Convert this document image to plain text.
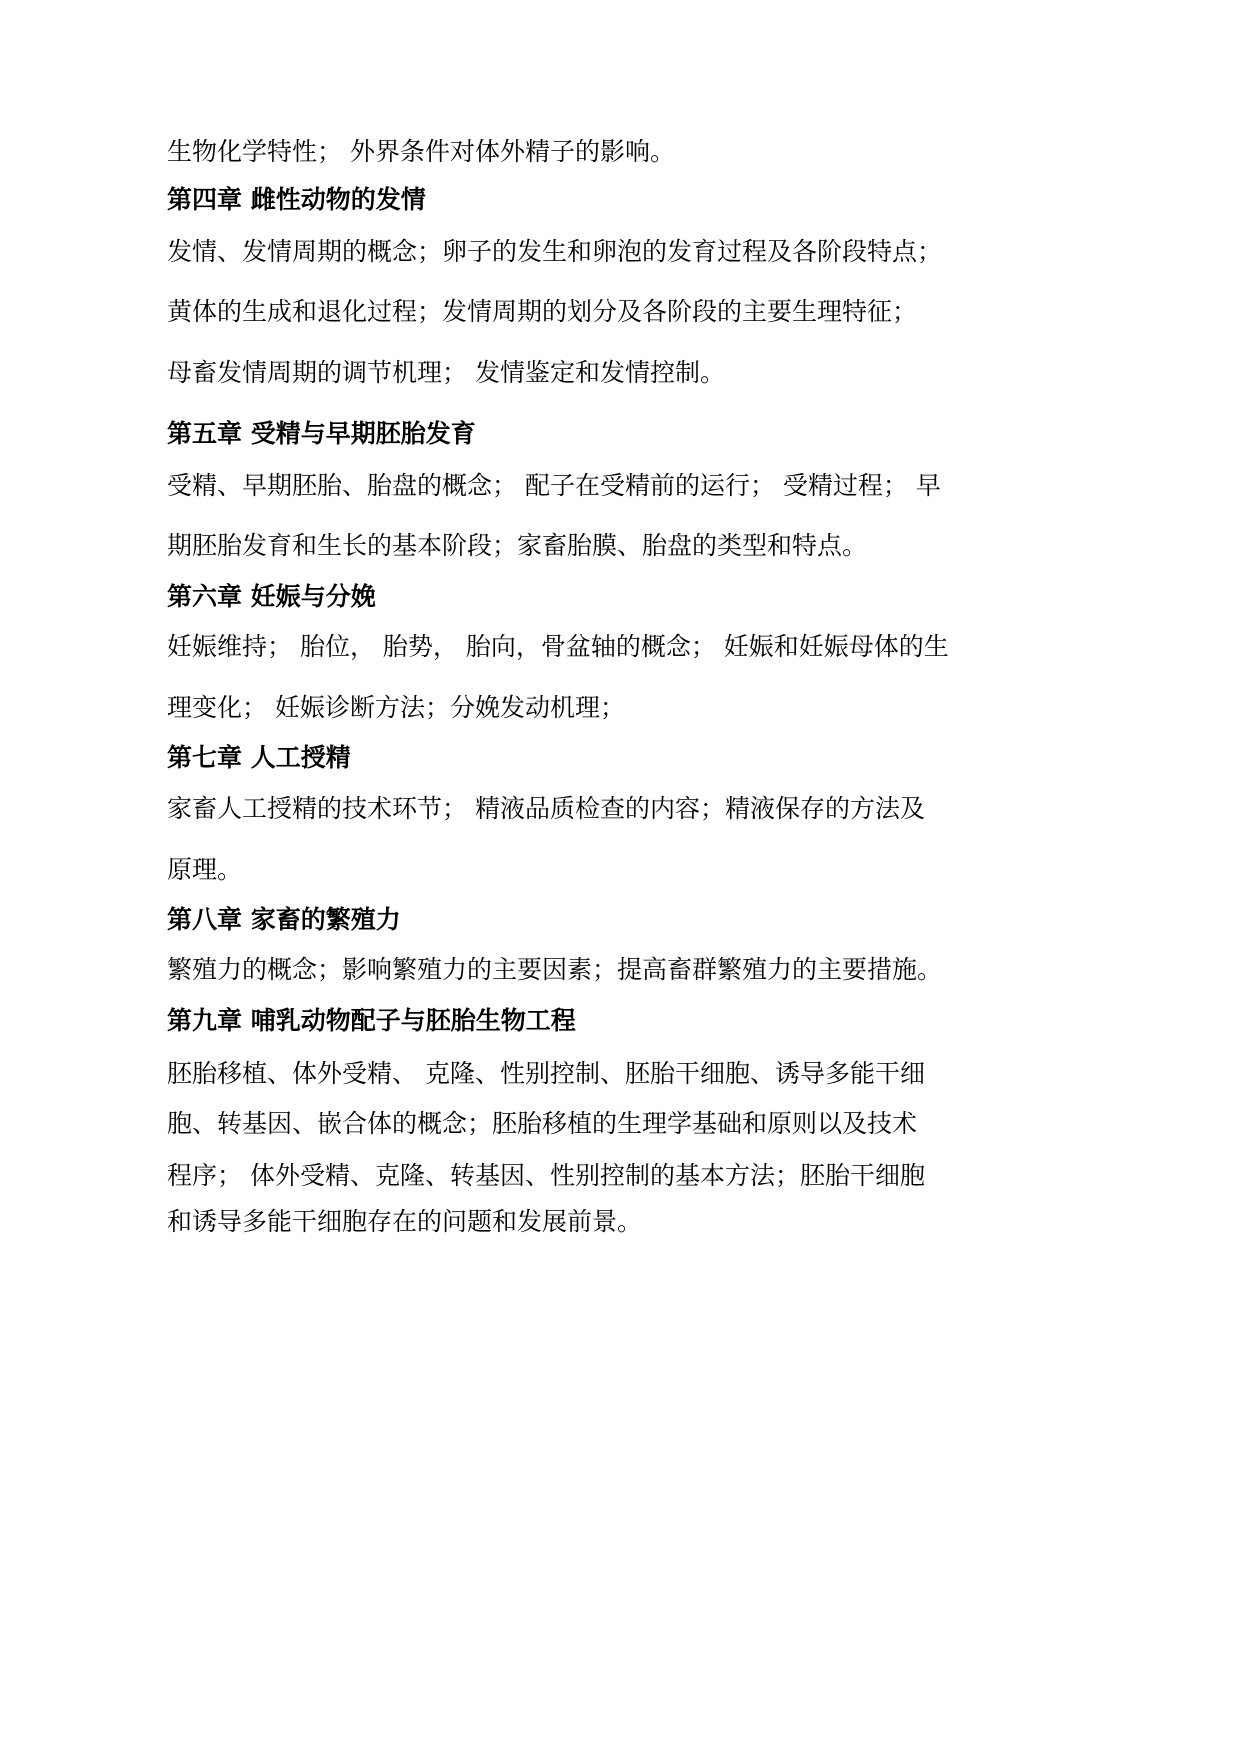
生物化学特性； 外界条件对体外精子的影响。
第四章 雌性动物的发情
发情、发情周期的概念；卵子的发生和卵泡的发育过程及各阶段特点；
黄体的生成和退化过程；发情周期的划分及各阶段的主要生理特征；
母畜发情周期的调节机理； 发情鉴定和发情控制。
第五章 受精与早期胚胎发育
受精、早期胚胎、胎盘的概念； 配子在受精前的运行； 受精过程； 早
期胚胎发育和生长的基本阶段；家畜胎膜、胎盘的类型和特点。
第六章 妊娠与分娩
妊娠维持； 胎位， 胎势， 胎向，骨盆轴的概念； 妊娠和妊娠母体的生
理变化； 妊娠诊断方法；分娩发动机理；
第七章 人工授精
家畜人工授精的技术环节； 精液品质检查的内容；精液保存的方法及
原理。
第八章 家畜的繁殖力
繁殖力的概念；影响繁殖力的主要因素；提高畜群繁殖力的主要措施。
第九章 哺乳动物配子与胚胎生物工程
胚胎移植、体外受精、 克隆、性别控制、胚胎干细胞、诱导多能干细
胞、转基因、嵌合体的概念；胚胎移植的生理学基础和原则以及技术
程序； 体外受精、克隆、转基因、性别控制的基本方法；胚胎干细胞
和诱导多能干细胞存在的问题和发展前景。
